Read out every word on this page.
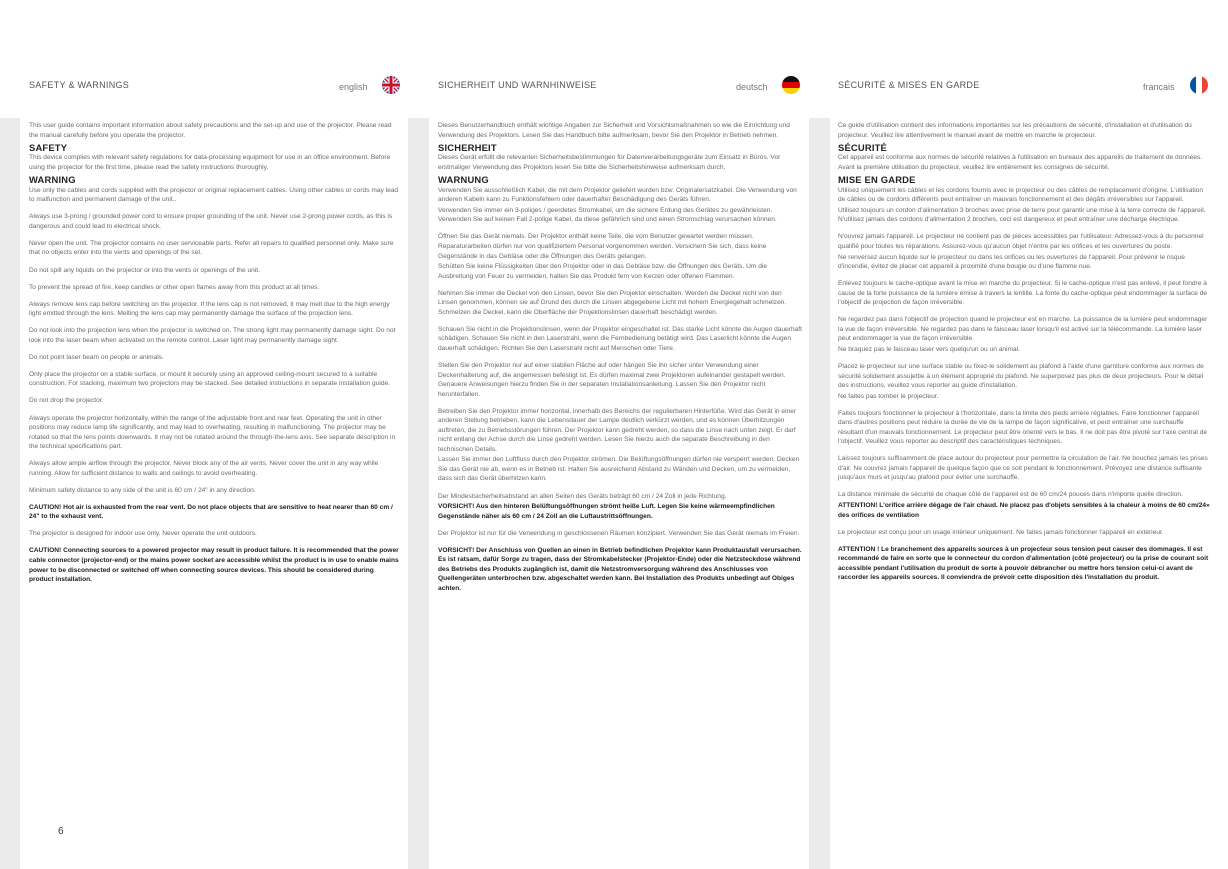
SAFETY & WARNINGS	english	SICHERHEIT UND WARNHINWEISE	deutsch	SÉCURITÉ & MISES EN GARDE	francais

This user guide contains important information about safety precautions and the set-up and use of the projector. Please read the manual carefully before you operate the projector.

SAFETY

This device complies with relevant safety regulations for data-processing equipment for use in an office environment. Before using the projector for the first time, please read the safety instructions thoroughly.

WARNING

Use only the cables and cords supplied with the projector or original replacement cables. Using other cables or cords may lead to malfunction and permanent damage of the unit..

Always use 3-prong / grounded power cord to ensure proper grounding of the unit. Never use 2-prong power cords, as this is dangerous and could lead to electrical shock.

Never open the unit. The projector contains no user serviceable parts. Refer all repairs to qualified personnel only. Make sure that no objects enter into the vents and openings of the set.

Do not spill any liquids on the projector or into the vents or openings of the unit.

To prevent the spread of fire, keep candles or other open flames away from this product at all times.

Always remove lens cap before switching on the projector. If the lens cap is not removed, it may melt due to the high energy light emitted through the lens. Melting the lens cap may permanently damage the surface of the projection lens.

Do not look into the projection lens when the projector is switched on. The strong light may permanently damage sight. Do not look into the laser beam when activated on the remote control. Laser light may permanently damage sight.

Do not point laser beam on people or animals.

Only place the projector on a stable surface, or mount it securely using an approved ceiling-mount secured to a suitable construction. For stacking, maximum two projectors may be stacked. See detailed instructions in separate installation guide.

Do not drop the projector.

Always operate the projector horizontally, within the range of the adjustable front and rear feet. Operating the unit in other positions may reduce lamp life significantly, and may lead to overheating, resulting in malfunctioning. The projector may be rotated so that the lens points downwards. It may not be rotated around the through-the-lens axis. See separate description in the technical specifications part.

Always allow ample airflow through the projector. Never block any of the air vents. Never cover the unit in any way while running. Allow for sufficient distance to walls and ceilings to avoid overheating.

Minimum safety distance to any side of the unit is 60 cm / 24" in any direction.

CAUTION! Hot air is exhausted from the rear vent. Do not place objects that are sensitive to heat nearer than 60 cm / 24" to the exhaust vent.

The projector is designed for indoor use only. Never operate the unit outdoors.

CAUTION! Connecting sources to a powered projector may result in product failure. It is recommended that the power cable connector (projector-end) or the mains power socket are accessible whilst the product is in use to enable mains power to be disconnected or switched off when connecting source devices. This should be considered during product installation.

Dieses Benutzerhandbuch enthält wichtige Angaben zur Sicherheit und Vorsichtsmaßnahmen so wie die Einrichtung und Verwendung des Projektors. Lesen Sie das Handbuch bitte aufmerksam, bevor Sie den Projektor in Betrieb nehmen.

SICHERHEIT

Dieses Gerät erfüllt die relevanten Sicherheitsbestimmungen für Datenverarbeitungsgeräte zum Einsatz in Büros. Vor erstmaliger Verwendung des Projektors lesen Sie bitte die Sicherheitshinweise aufmerksam durch.

WARNUNG

Verwenden Sie ausschließlich Kabel, die mit dem Projektor geliefert wurden bzw. Originalersatzkabel. Die Verwendung von anderen Kabeln kann zu Funktionsfehlern oder dauerhafter Beschädigung des Geräts führen.

Verwenden Sie immer ein 3-poliges / geerdetes Stromkabel, um die sichere Erdung des Gerätes zu gewährleisten. Verwenden Sie auf keinen Fall 2-polige Kabel, da diese gefährlich sind und einen Stromschlag verursachen können.

Öffnen Sie das Gerät niemals. Der Projektor enthält keine Teile, die vom Benutzer gewartet werden müssen. Reparaturarbeiten dürfen nur von qualifiziertem Personal vorgenommen werden. Versichern Sie sich, dass keine Gegenstände in das Gebläse oder die Öffnungen des Geräts gelangen.

Schütten Sie keine Flüssigkeiten über den Projektor oder in das Gebläse bzw. die Öffnungen des Geräts. Um die Ausbreitung von Feuer zu vermeiden, halten Sie das Produkt fern von Kerzen oder offenen Flammen.

Nehmen Sie immer die Deckel von den Linsen, bevor Sie den Projektor einschalten. Werden die Deckel nicht von den Linsen genommen, können sie auf Grund des durch die Linsen abgegebene Licht mit hohem Energiegehalt schmelzen. Schmelzen die Deckel, kann die Oberfläche der Projektionslinsen dauerhaft beschädigt werden.

Schauen Sie nicht in die Projektionslinsen, wenn der Projektor eingeschaltet ist. Das starke Licht könnte die Augen dauerhaft schädigen. Schauen Sie nicht in den Laserstrahl, wenn die Fernbedienung betätigt wird. Das Laserlicht könnte die Augen dauerhaft schädigen. Richten Sie den Laserstrahl nicht auf Menschen oder Tiere.

Stellen Sie den Projektor nur auf einer stabilen Fläche auf oder hängen Sie ihn sicher unter Verwendung einer Deckenhalterung auf, die angemessen befestigt ist. Es dürfen maximal zwei Projektoren aufeinander gestapelt werden. Genauere Anweisungen hierzu finden Sie in der separaten Installationsanleitung. Lassen Sie den Projektor nicht herunterfallen.

Betreiben Sie den Projektor immer horizontal, innerhalb des Bereichs der regulierbaren Hinterfüße. Wird das Gerät in einer anderen Stellung betrieben, kann die Lebensdauer der Lampe deutlich verkürzt werden, und es können Überhitzungen auftreten, die zu Betriebsstörungen führen. Der Projektor kann gedreht werden, so dass die Linse nach unten zeigt. Er darf nicht entlang der Achse durch die Linse gedreht werden. Lesen Sie hierzu auch die separate Beschreibung in den technischen Details.

Lassen Sie immer den Luftfluss durch den Projektor strömen. Die Belüftungsöffnungen dürfen nie versperrt werden. Decken Sie das Gerät nie ab, wenn es in Betrieb ist. Halten Sie ausreichend Abstand zu Wänden und Decken, um zu vermeiden, dass sich das Gerät überhitzen kann.

Der Mindestsicherheitsabstand an allen Seiten des Geräts beträgt 60 cm / 24 Zoll in jede Richtung.

VORSICHT! Aus den hinteren Belüftungsöffnungen strömt heiße Luft. Legen Sie keine wärmeempfindlichen Gegenstände näher als 60 cm / 24 Zoll an die Luftaustrittsöffnungen.

Der Projektor ist nur für die Verwendung in geschlossenen Räumen konzipiert. Verwenden Sie das Gerät niemals im Freien.

VORSICHT! Der Anschluss von Quellen an einen in Betrieb befindlichen Projektor kann Produktausfall verursachen. Es ist ratsam, dafür Sorge zu tragen, dass der Stromkabelstecker (Projektor-Ende) oder die Netzsteckdose während des Betriebs des Produkts zugänglich ist, damit die Netzstromversorgung während des Anschlusses von Quellengeräten unterbrochen bzw. abgeschaltet werden kann. Bei Installation des Produkts unbedingt auf Obiges achten.

Ce guide d'utilisation contient des informations importantes sur les précautions de sécurité, d'installation et d'utilisation du projecteur. Veuillez lire attentivement le manuel avant de mettre en marche le projecteur.

SÉCURITÉ

Cet appareil est conforme aux normes de sécurité relatives à l'utilisation en bureaux des appareils de traitement de données. Avant la première utilisation du projecteur, veuillez lire entièrement les consignes de sécurité.

MISE EN GARDE

Utilisez uniquement les câbles et les cordons fournis avec le projecteur ou des câbles de remplacement d'origine. L'utilisation de câbles ou de cordons différents peut entraîner un mauvais fonctionnement et des dégâts irréversibles sur l'appareil.

Utilisez toujours un cordon d'alimentation 3 broches avec prise de terre pour garantir une mise à la terre correcte de l'appareil. N'utilisez jamais des cordons d'alimentation 2 broches, ceci est dangereux et peut entraîner une décharge électrique.

N'ouvrez jamais l'appareil. Le projecteur ne contient pas de pièces accessibles par l'utilisateur. Adressez-vous à du personnel qualifié pour toutes les réparations. Assurez-vous qu'aucun objet n'entre par les orifices et les ouvertures du poste.

Ne renversez aucun liquide sur le projecteur ou dans les orifices ou les ouvertures de l'appareil. Pour prévenir le risque d'incendie, évitez de placer cet appareil à proximité d'une bougie ou d'une flamme nue.

Enlevez toujours le cache-optique avant la mise en marche du projecteur. Si le cache-optique n'est pas enlevé, il peut fondre à cause de la forte puissance de la lumière émise à travers la lentille. La fonte du cache-optique peut endommager la surface de l'objectif de projection de façon irréversible.

Ne regardez pas dans l'objectif de projection quand le projecteur est en marche. La puissance de la lumière peut endommager la vue de façon irréversible. Ne regardez pas dans le faisceau laser lorsqu'il est activé sur la télécommande. La lumière laser peut endommager la vue de façon irréversible.

Ne braquez pas le faisceau laser vers quelqu'un ou un animal.

Placez le projecteur sur une surface stable ou fixez-le solidement au plafond à l'aide d'une garniture conforme aux normes de sécurité solidement assujettie à un élément approprié du plafond. Ne superposez pas plus de deux projecteurs. Pour le détail des instructions, veuillez vous reporter au guide d'installation.

Ne faites pas tomber le projecteur.

Faites toujours fonctionner le projecteur à l'horizontale, dans la limite des pieds arrière réglables. Faire fonctionner l'appareil dans d'autres positions peut réduire la durée de vie de la lampe de façon significative, et peut entraîner une surchauffe résultant d'un mauvais fonctionnement. Le projecteur peut être orienté vers le bas. Il ne doit pas être pivoté sur l'axe central de l'objectif. Veuillez vous reporter au descriptif des caractéristiques techniques.

Laissez toujours suffisamment de place autour du projecteur pour permettre la circulation de l'air. Ne bouchez jamais les prises d'air. Ne couvrez jamais l'appareil de quelque façon que ce soit pendant le fonctionnement. Prévoyez une distance suffisante jusqu'aux murs et jusqu'au plafond pour éviter une surchauffe.

La distance minimale de sécurité de chaque côté de l'appareil est de 60 cm/24 pouces dans n'importe quelle direction.

ATTENTION! L'orifice arrière dégage de l'air chaud. Ne placez pas d'objets sensibles à la chaleur à moins de 60 cm/24» des orifices de ventilation

Le projecteur est conçu pour un usage intérieur uniquement. Ne faites jamais fonctionner l'appareil en extérieur.

ATTENTION ! Le branchement des appareils sources à un projecteur sous tension peut causer des dommages. Il est recommandé de faire en sorte que le connecteur du cordon d'alimentation (côté projecteur) ou la prise de courant soit accessible pendant l'utilisation du produit de sorte à pouvoir débrancher ou mettre hors tension celui-ci avant de raccorder les appareils sources. Il conviendra de prévoir cette disposition dès l'installation du produit.

6
